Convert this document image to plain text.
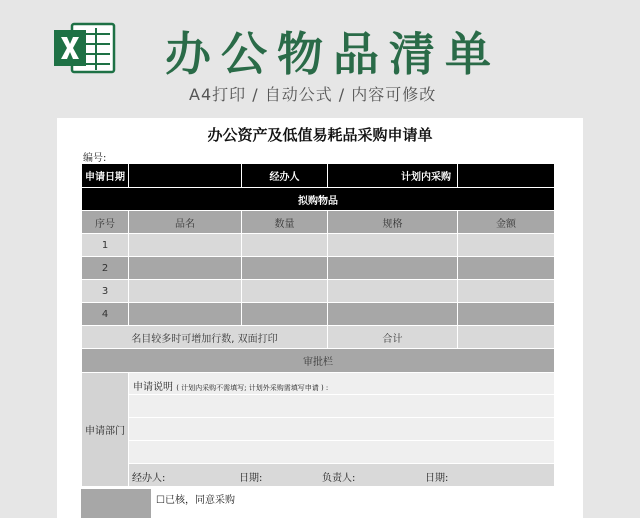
办公物品清单
A4打印 / 自动公式 / 内容可修改
办公资产及低值易耗品采购申请单
编号:
申请日期		经办人	计划内采购	
拟购物品				
序号	品名	数量	规格	金额
1				
2				
3				
4				
名目较多时可增加行数, 双面打印			合计	
审批栏				
申请部门	申请说明 ( 计划内采购不需填写; 计划外采购需填写申请 ) :
经办人: 日期: 负责人: 日期:			
☐已核，同意采购
